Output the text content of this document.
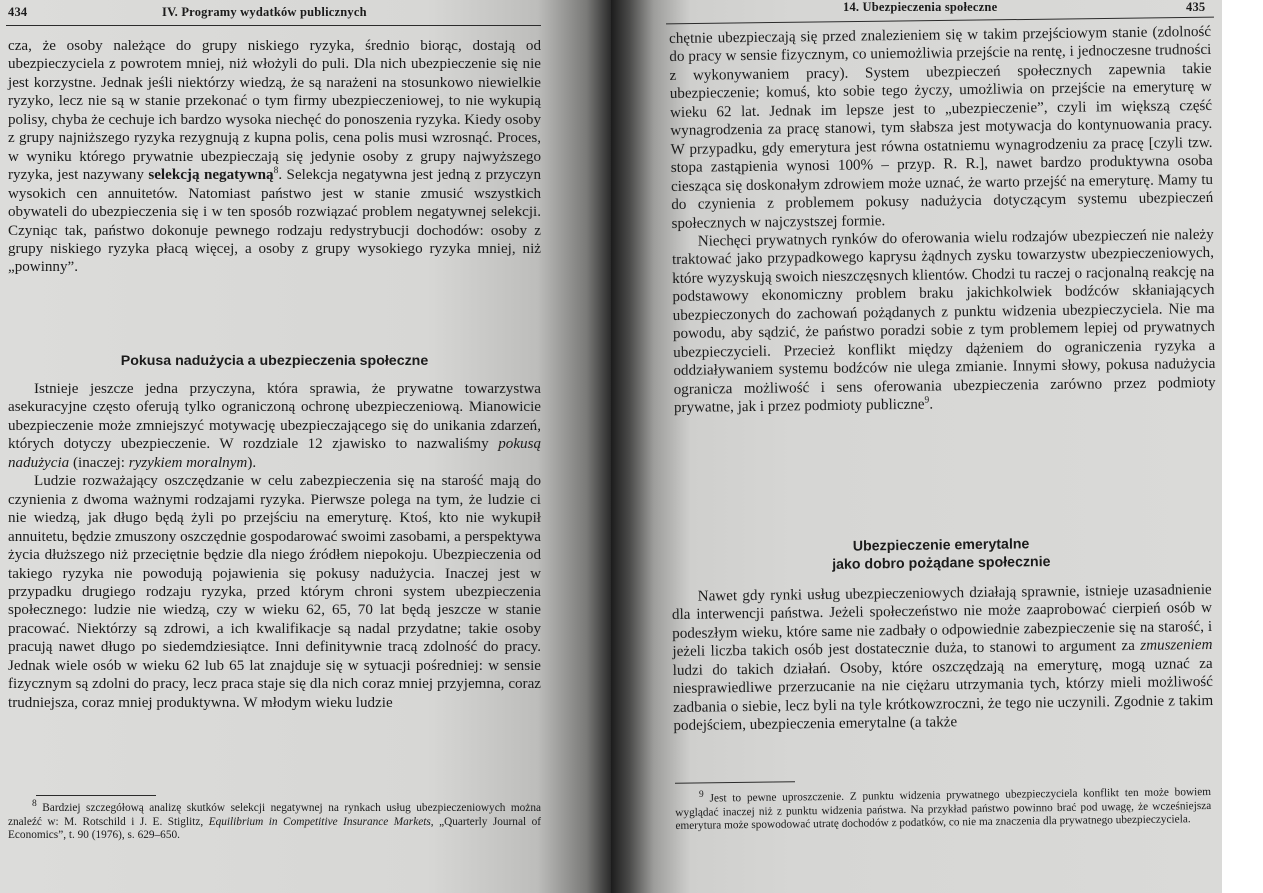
434	IV. Programy wydatków publicznych

cza, że osoby należące do grupy niskiego ryzyka, średnio biorąc, dostają od ubezpieczyciela z powrotem mniej, niż włożyli do puli. Dla nich ubezpieczenie się nie jest korzystne. Jednak jeśli niektórzy wiedzą, że są narażeni na stosunkowo niewielkie ryzyko, lecz nie są w stanie przekonać o tym firmy ubezpieczeniowej, to nie wykupią polisy, chyba że cechuje ich bardzo wysoka niechęć do ponoszenia ryzyka. Kiedy osoby z grupy najniższego ryzyka rezygnują z kupna polis, cena polis musi wzrosnąć. Proces, w wyniku którego prywatnie ubezpieczają się jedynie osoby z grupy najwyższego ryzyka, jest nazywany selekcją negatywną$^8$. Selekcja negatywna jest jedną z przyczyn wysokich cen annuitetów. Natomiast państwo jest w stanie zmusić wszystkich obywateli do ubezpieczenia się i w ten sposób rozwiązać problem negatywnej selekcji. Czyniąc tak, państwo dokonuje pewnego rodzaju redystrybucji dochodów: osoby z grupy niskiego ryzyka płacą więcej, a osoby z grupy wysokiego ryzyka mniej, niż „powinny”.

Pokusa nadużycia a ubezpieczenia społeczne

Istnieje jeszcze jedna przyczyna, która sprawia, że prywatne towarzystwa asekuracyjne często oferują tylko ograniczoną ochronę ubezpieczeniową. Mianowicie ubezpieczenie może zmniejszyć motywację ubezpieczającego się do unikania zdarzeń, których dotyczy ubezpieczenie. W rozdziale 12 zjawisko to nazwaliśmy pokusą nadużycia (inaczej: ryzykiem moralnym).

Ludzie rozważający oszczędzanie w celu zabezpieczenia się na starość mają do czynienia z dwoma ważnymi rodzajami ryzyka. Pierwsze polega na tym, że ludzie ci nie wiedzą, jak długo będą żyli po przejściu na emeryturę. Ktoś, kto nie wykupił annuitetu, będzie zmuszony oszczędnie gospodarować swoimi zasobami, a perspektywa życia dłuższego niż przeciętnie będzie dla niego źródłem niepokoju. Ubezpieczenia od takiego ryzyka nie powodują pojawienia się pokusy nadużycia. Inaczej jest w przypadku drugiego rodzaju ryzyka, przed którym chroni system ubezpieczenia społecznego: ludzie nie wiedzą, czy w wieku 62, 65, 70 lat będą jeszcze w stanie pracować. Niektórzy są zdrowi, a ich kwalifikacje są nadal przydatne; takie osoby pracują nawet długo po siedemdziesiątce. Inni definitywnie tracą zdolność do pracy. Jednak wiele osób w wieku 62 lub 65 lat znajduje się w sytuacji pośredniej: w sensie fizycznym są zdolni do pracy, lecz praca staje się dla nich coraz mniej przyjemna, coraz trudniejsza, coraz mniej produktywna. W młodym wieku ludzie

$^8$ Bardziej szczegółową analizę skutków selekcji negatywnej na rynkach usług ubezpieczeniowych można znaleźć w: M. Rotschild i J. E. Stiglitz, Equilibrium in Competitive Insurance Markets, „Quarterly Journal of Economics”, t. 90 (1976), s. 629–650.

14. Ubezpieczenia społeczne	435

chętnie ubezpieczają się przed znalezieniem się w takim przejściowym stanie (zdolność do pracy w sensie fizycznym, co uniemożliwia przejście na rentę, i jednoczesne trudności z wykonywaniem pracy). System ubezpieczeń społecznych zapewnia takie ubezpieczenie; komuś, kto sobie tego życzy, umożliwia on przejście na emeryturę w wieku 62 lat. Jednak im lepsze jest to „ubezpieczenie”, czyli im większą część wynagrodzenia za pracę stanowi, tym słabsza jest motywacja do kontynuowania pracy. W przypadku, gdy emerytura jest równa ostatniemu wynagrodzeniu za pracę [czyli tzw. stopa zastąpienia wynosi 100% – przyp. R. R.], nawet bardzo produktywna osoba ciesząca się doskonałym zdrowiem może uznać, że warto przejść na emeryturę. Mamy tu do czynienia z problemem pokusy nadużycia dotyczącym systemu ubezpieczeń społecznych w najczystszej formie.

Niechęci prywatnych rynków do oferowania wielu rodzajów ubezpieczeń nie należy traktować jako przypadkowego kaprysu żądnych zysku towarzystw ubezpieczeniowych, które wyzyskują swoich nieszczęsnych klientów. Chodzi tu raczej o racjonalną reakcję na podstawowy ekonomiczny problem braku jakichkolwiek bodźców skłaniających ubezpieczonych do zachowań pożądanych z punktu widzenia ubezpieczyciela. Nie ma powodu, aby sądzić, że państwo poradzi sobie z tym problemem lepiej od prywatnych ubezpieczycieli. Przecież konflikt między dążeniem do ograniczenia ryzyka a oddziaływaniem systemu bodźców nie ulega zmianie. Innymi słowy, pokusa nadużycia ogranicza możliwość i sens oferowania ubezpieczenia zarówno przez podmioty prywatne, jak i przez podmioty publiczne$^9$.

Ubezpieczenie emerytalne
jako dobro pożądane społecznie

Nawet gdy rynki usług ubezpieczeniowych działają sprawnie, istnieje uzasadnienie dla interwencji państwa. Jeżeli społeczeństwo nie może zaaprobować cierpień osób w podeszłym wieku, które same nie zadbały o odpowiednie zabezpieczenie się na starość, i jeżeli liczba takich osób jest dostatecznie duża, to stanowi to argument za zmuszeniem ludzi do takich działań. Osoby, które oszczędzają na emeryturę, mogą uznać za niesprawiedliwe przerzucanie na nie ciężaru utrzymania tych, którzy mieli możliwość zadbania o siebie, lecz byli na tyle krótkowzroczni, że tego nie uczynili. Zgodnie z takim podejściem, ubezpieczenia emerytalne (a także

$^9$ Jest to pewne uproszczenie. Z punktu widzenia prywatnego ubezpieczyciela konflikt ten może bowiem wyglądać inaczej niż z punktu widzenia państwa. Na przykład państwo powinno brać pod uwagę, że wcześniejsza emerytura może spowodować utratę dochodów z podatków, co nie ma znaczenia dla prywatnego ubezpieczyciela.
